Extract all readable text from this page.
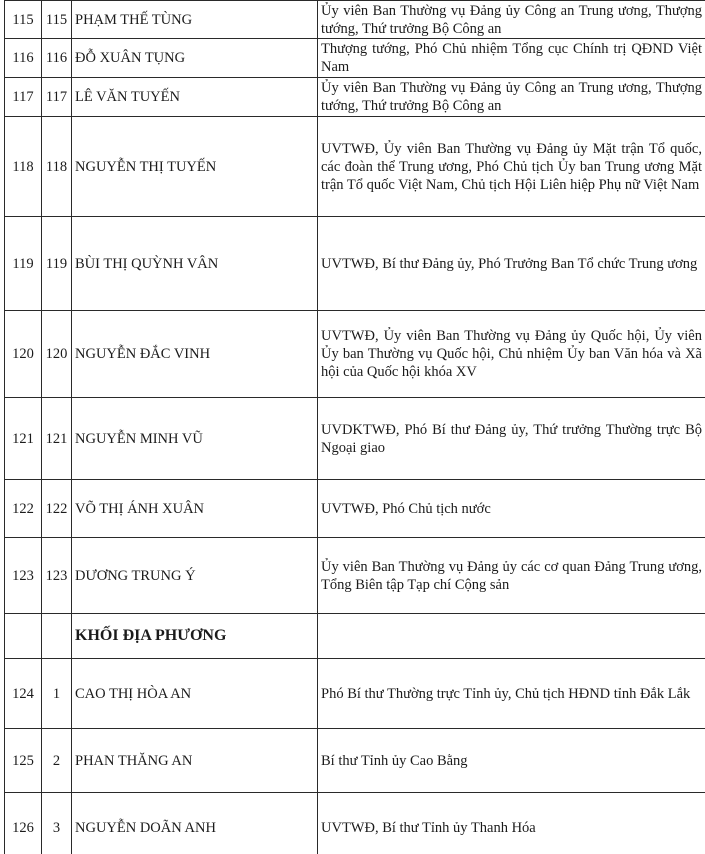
115	115	PHẠM THẾ TÙNG	Ủy viên Ban Thường vụ Đảng ủy Công an Trung ương, Thượng tướng, Thứ trưởng Bộ Công an
116	116	ĐỖ XUÂN TỤNG	Thượng tướng, Phó Chủ nhiệm Tổng cục Chính trị QĐND Việt Nam
117	117	LÊ VĂN TUYẾN	Ủy viên Ban Thường vụ Đảng ủy Công an Trung ương, Thượng tướng, Thứ trưởng Bộ Công an
118	118	NGUYỄN THỊ TUYẾN	UVTWĐ, Ủy viên Ban Thường vụ Đảng ủy Mặt trận Tổ quốc, các đoàn thể Trung ương, Phó Chủ tịch Ủy ban Trung ương Mặt trận Tổ quốc Việt Nam, Chủ tịch Hội Liên hiệp Phụ nữ Việt Nam
119	119	BÙI THỊ QUỲNH VÂN	UVTWĐ, Bí thư Đảng ủy, Phó Trưởng Ban Tổ chức Trung ương
120	120	NGUYỄN ĐẮC VINH	UVTWĐ, Ủy viên Ban Thường vụ Đảng ủy Quốc hội, Ủy viên Ủy ban Thường vụ Quốc hội, Chủ nhiệm Ủy ban Văn hóa và Xã hội của Quốc hội khóa XV
121	121	NGUYỄN MINH VŨ	UVDKTWĐ, Phó Bí thư Đảng ủy, Thứ trưởng Thường trực Bộ Ngoại giao
122	122	VÕ THỊ ÁNH XUÂN	UVTWĐ, Phó Chủ tịch nước
123	123	DƯƠNG TRUNG Ý	Ủy viên Ban Thường vụ Đảng ủy các cơ quan Đảng Trung ương, Tổng Biên tập Tạp chí Cộng sản
		KHỐI ĐỊA PHƯƠNG	
124	1	CAO THỊ HÒA AN	Phó Bí thư Thường trực Tỉnh ủy, Chủ tịch HĐND tỉnh Đắk Lắk
125	2	PHAN THĂNG AN	Bí thư Tỉnh ủy Cao Bằng
126	3	NGUYỄN DOÃN ANH	UVTWĐ, Bí thư Tỉnh ủy Thanh Hóa
